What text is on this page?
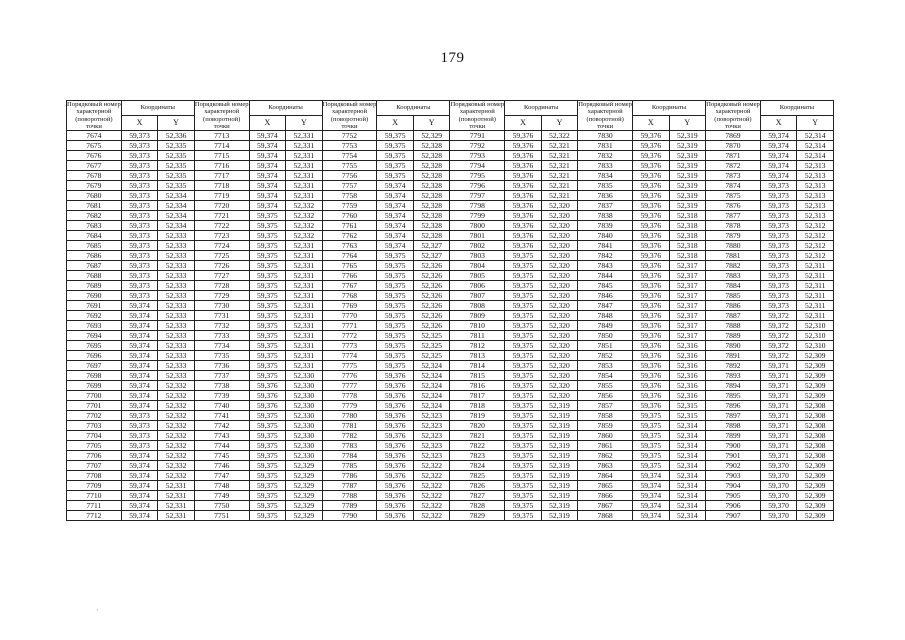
179
Порядковый номер характерной (поворотной) точки	Координаты		Порядковый номер характерной (поворотной) точки	Координаты		Порядковый номер характерной (поворотной) точки	Координаты		Порядковый номер характерной (поворотной) точки	Координаты		Порядковый номер характерной (поворотной) точки	Координаты		Порядковый номер характерной (поворотной) точки	Координаты	
	X	Y		X	Y		X	Y		X	Y		X	Y		X	Y
7674	59,373	52,336	7713	59,374	52,331	7752	59,375	52,329	7791	59,376	52,322	7830	59,376	52,319	7869	59,374	52,314
7675	59,373	52,335	7714	59,374	52,331	7753	59,375	52,328	7792	59,376	52,321	7831	59,376	52,319	7870	59,374	52,314
7676	59,373	52,335	7715	59,374	52,331	7754	59,375	52,328	7793	59,376	52,321	7832	59,376	52,319	7871	59,374	52,314
7677	59,373	52,335	7716	59,374	52,331	7755	59,375	52,328	7794	59,376	52,321	7833	59,376	52,319	7872	59,374	52,313
7678	59,373	52,335	7717	59,374	52,331	7756	59,375	52,328	7795	59,376	52,321	7834	59,376	52,319	7873	59,374	52,313
7679	59,373	52,335	7718	59,374	52,331	7757	59,374	52,328	7796	59,376	52,321	7835	59,376	52,319	7874	59,373	52,313
7680	59,373	52,334	7719	59,374	52,331	7758	59,374	52,328	7797	59,376	52,321	7836	59,376	52,319	7875	59,373	52,313
7681	59,373	52,334	7720	59,374	52,332	7759	59,374	52,328	7798	59,376	52,320	7837	59,376	52,319	7876	59,373	52,313
7682	59,373	52,334	7721	59,375	52,332	7760	59,374	52,328	7799	59,376	52,320	7838	59,376	52,318	7877	59,373	52,313
7683	59,373	52,334	7722	59,375	52,332	7761	59,374	52,328	7800	59,376	52,320	7839	59,376	52,318	7878	59,373	52,312
7684	59,373	52,333	7723	59,375	52,332	7762	59,374	52,328	7801	59,376	52,320	7840	59,376	52,318	7879	59,373	52,312
7685	59,373	52,333	7724	59,375	52,331	7763	59,374	52,327	7802	59,376	52,320	7841	59,376	52,318	7880	59,373	52,312
7686	59,373	52,333	7725	59,375	52,331	7764	59,375	52,327	7803	59,375	52,320	7842	59,376	52,318	7881	59,373	52,312
7687	59,373	52,333	7726	59,375	52,331	7765	59,375	52,326	7804	59,375	52,320	7843	59,376	52,317	7882	59,373	52,311
7688	59,373	52,333	7727	59,375	52,331	7766	59,375	52,326	7805	59,375	52,320	7844	59,376	52,317	7883	59,373	52,311
7689	59,373	52,333	7728	59,375	52,331	7767	59,375	52,326	7806	59,375	52,320	7845	59,376	52,317	7884	59,373	52,311
7690	59,373	52,333	7729	59,375	52,331	7768	59,375	52,326	7807	59,375	52,320	7846	59,376	52,317	7885	59,373	52,311
7691	59,374	52,333	7730	59,375	52,331	7769	59,375	52,326	7808	59,375	52,320	7847	59,376	52,317	7886	59,373	52,311
7692	59,374	52,333	7731	59,375	52,331	7770	59,375	52,326	7809	59,375	52,320	7848	59,376	52,317	7887	59,372	52,311
7693	59,374	52,333	7732	59,375	52,331	7771	59,375	52,326	7810	59,375	52,320	7849	59,376	52,317	7888	59,372	52,310
7694	59,374	52,333	7733	59,375	52,331	7772	59,375	52,325	7811	59,375	52,320	7850	59,376	52,317	7889	59,372	52,310
7695	59,374	52,333	7734	59,375	52,331	7773	59,375	52,325	7812	59,375	52,320	7851	59,376	52,316	7890	59,372	52,310
7696	59,374	52,333	7735	59,375	52,331	7774	59,375	52,325	7813	59,375	52,320	7852	59,376	52,316	7891	59,372	52,309
7697	59,374	52,333	7736	59,375	52,331	7775	59,375	52,324	7814	59,375	52,320	7853	59,376	52,316	7892	59,371	52,309
7698	59,374	52,333	7737	59,375	52,330	7776	59,376	52,324	7815	59,375	52,320	7854	59,376	52,316	7893	59,371	52,309
7699	59,374	52,332	7738	59,376	52,330	7777	59,376	52,324	7816	59,375	52,320	7855	59,376	52,316	7894	59,371	52,309
7700	59,374	52,332	7739	59,376	52,330	7778	59,376	52,324	7817	59,375	52,320	7856	59,376	52,316	7895	59,371	52,309
7701	59,374	52,332	7740	59,376	52,330	7779	59,376	52,324	7818	59,375	52,319	7857	59,376	52,315	7896	59,371	52,308
7702	59,373	52,332	7741	59,375	52,330	7780	59,376	52,323	7819	59,375	52,319	7858	59,375	52,315	7897	59,371	52,308
7703	59,373	52,332	7742	59,375	52,330	7781	59,376	52,323	7820	59,375	52,319	7859	59,375	52,314	7898	59,371	52,308
7704	59,373	52,332	7743	59,375	52,330	7782	59,376	52,323	7821	59,375	52,319	7860	59,375	52,314	7899	59,371	52,308
7705	59,373	52,332	7744	59,375	52,330	7783	59,376	52,323	7822	59,375	52,319	7861	59,375	52,314	7900	59,371	52,308
7706	59,374	52,332	7745	59,375	52,330	7784	59,376	52,323	7823	59,375	52,319	7862	59,375	52,314	7901	59,371	52,308
7707	59,374	52,332	7746	59,375	52,329	7785	59,376	52,322	7824	59,375	52,319	7863	59,375	52,314	7902	59,370	52,309
7708	59,374	52,332	7747	59,375	52,329	7786	59,376	52,322	7825	59,375	52,319	7864	59,374	52,314	7903	59,370	52,309
7709	59,374	52,331	7748	59,375	52,329	7787	59,376	52,322	7826	59,375	52,319	7865	59,374	52,314	7904	59,370	52,309
7710	59,374	52,331	7749	59,375	52,329	7788	59,376	52,322	7827	59,375	52,319	7866	59,374	52,314	7905	59,370	52,309
7711	59,374	52,331	7750	59,375	52,329	7789	59,376	52,322	7828	59,375	52,319	7867	59,374	52,314	7906	59,370	52,309
7712	59,374	52,331	7751	59,375	52,329	7790	59,376	52,322	7829	59,375	52,319	7868	59,374	52,314	7907	59,370	52,309
·
